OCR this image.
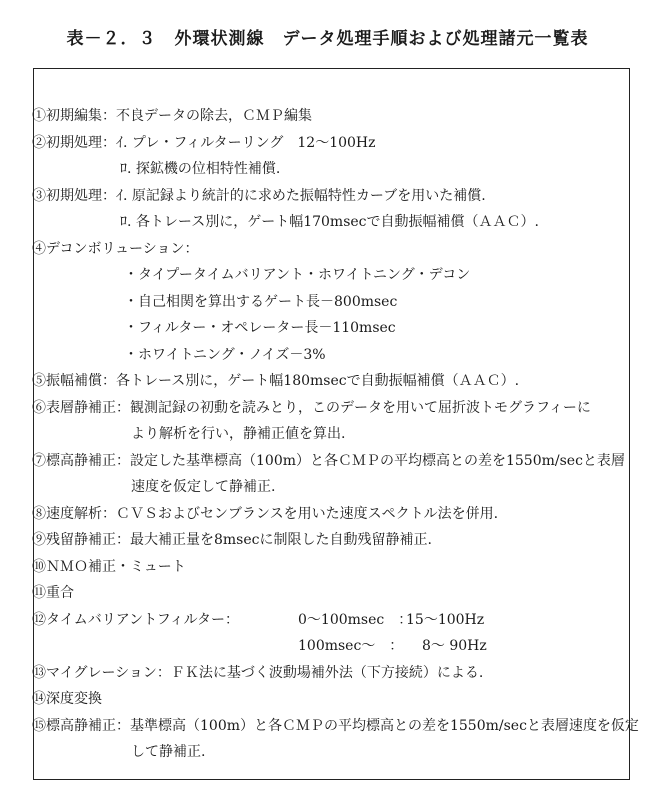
表－２．３　外環状測線　データ処理手順および処理諸元一覧表
①初期編集：不良データの除去，ＣＭＰ編集
②初期処理：ｲ. プレ・フィルターリング　12～100Hz
ﾛ. 探鉱機の位相特性補償.
③初期処理：ｲ. 原記録より統計的に求めた振幅特性カーブを用いた補償.
ﾛ. 各トレース別に，ゲート幅170msecで自動振幅補償（ＡＡＣ）.
④デコンボリューション：
・タイプータイムバリアント・ホワイトニング・デコン
・自己相関を算出するゲート長－800msec
・フィルター・オペレーター長－110msec
・ホワイトニング・ノイズ－3%
⑤振幅補償：各トレース別に，ゲート幅180msecで自動振幅補償（ＡＡＣ）.
⑥表層静補正：観測記録の初動を読みとり，このデータを用いて屈折波トモグラフィーに
より解析を行い，静補正値を算出.
⑦標高静補正：設定した基準標高（100m）と各ＣＭＰの平均標高との差を1550m/secと表層
速度を仮定して静補正.
⑧速度解析：ＣＶＳおよびセンブランスを用いた速度スペクトル法を併用.
⑨残留静補正：最大補正量を8msecに制限した自動残留静補正.
⑩ＮＭＯ補正・ミュート
⑪重合
⑫タイムバリアントフィルター：	0～100msec　：
15～100Hz
100msec～　： 8～ 90Hz
⑬マイグレーション：ＦＫ法に基づく波動場補外法（下方接続）による.
⑭深度変換
⑮標高静補正：基準標高（100m）と各ＣＭＰの平均標高との差を1550m/secと表層速度を仮定
して静補正.
